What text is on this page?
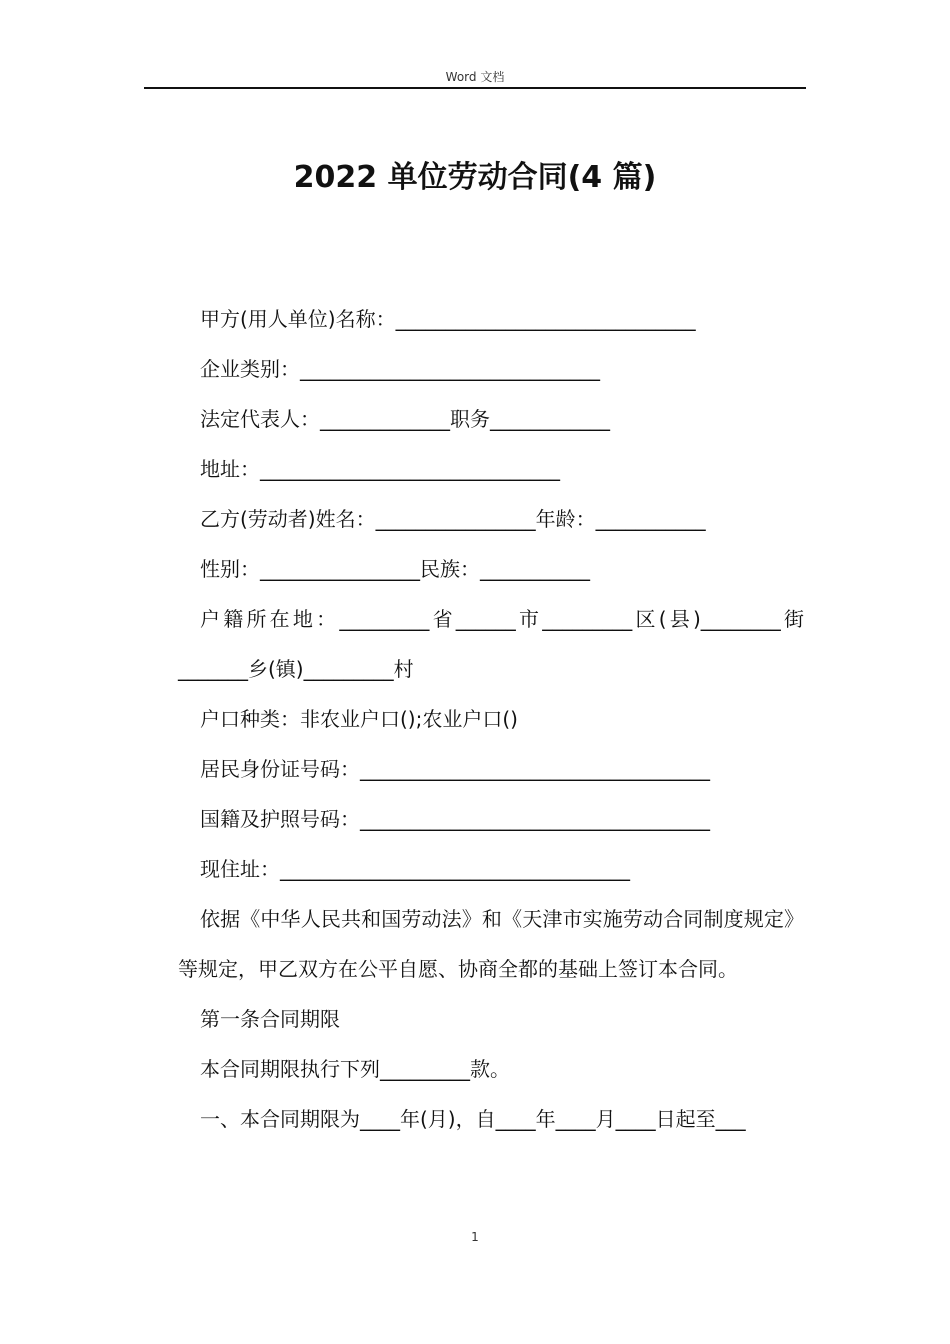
Word 文档
2022 单位劳动合同(4 篇)

甲方(用人单位)名称：______________________________

企业类别：______________________________

法定代表人：_____________职务____________

地址：______________________________

乙方(劳动者)姓名：________________年龄：___________

性别：________________民族：___________

户籍所在地：_________省______市_________区(县)________街_______乡(镇)_________村

户口种类：非农业户口();农业户口()

居民身份证号码：___________________________________

国籍及护照号码：___________________________________

现住址：___________________________________

依据《中华人民共和国劳动法》和《天津市实施劳动合同制度规定》等规定，甲乙双方在公平自愿、协商全都的基础上签订本合同。

第一条合同期限

本合同期限执行下列_________款。

一、本合同期限为____年(月)，自____年____月____日起至___

1
